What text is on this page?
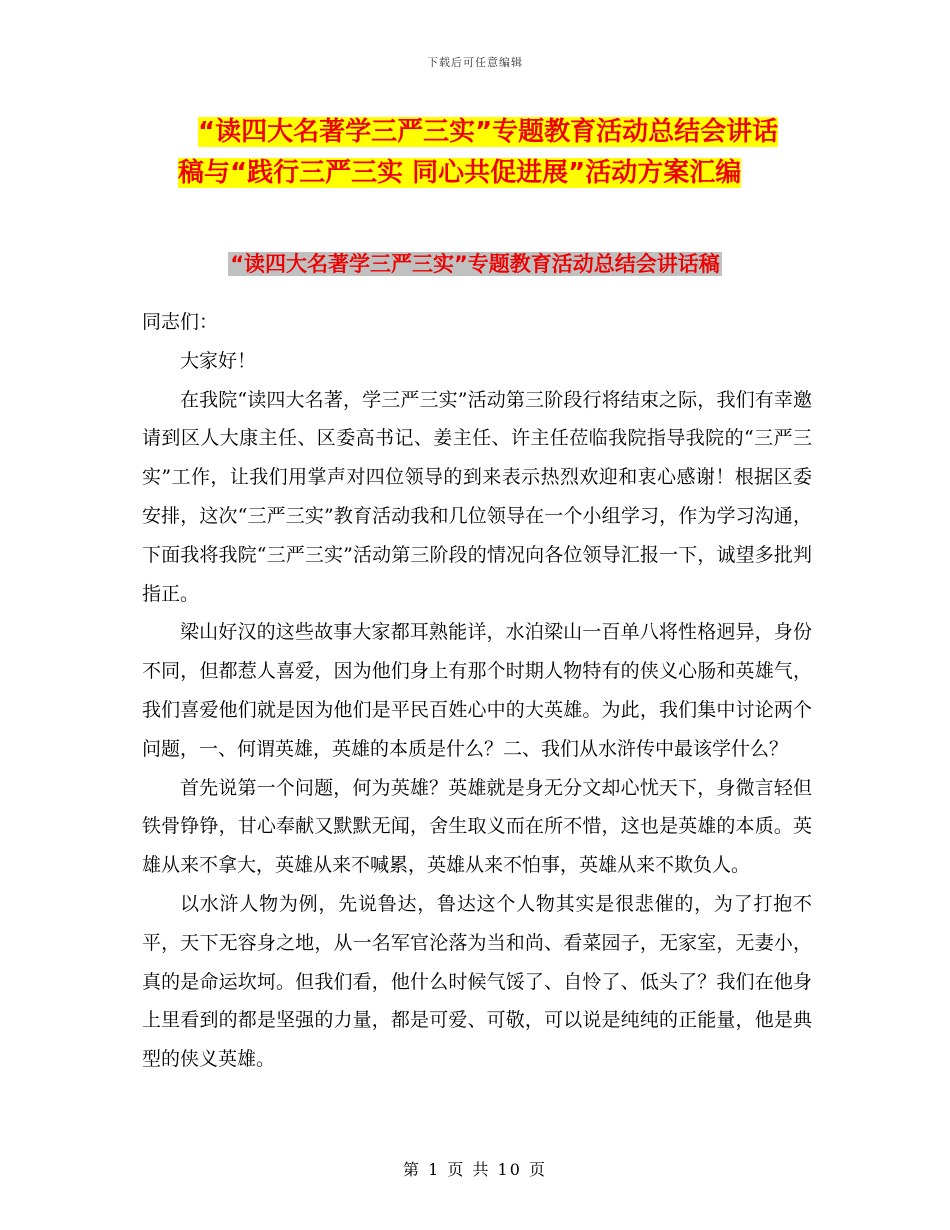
下载后可任意编辑
“读四大名著学三严三实”专题教育活动总结会讲话
稿与“践行三严三实 同心共促进展”活动方案汇编
“读四大名著学三严三实”专题教育活动总结会讲话稿

同志们：

大家好！

在我院“读四大名著，学三严三实”活动第三阶段行将结束之际，我们有幸邀请到区人大康主任、区委高书记、姜主任、许主任莅临我院指导我院的“三严三实”工作，让我们用掌声对四位领导的到来表示热烈欢迎和衷心感谢！根据区委安排，这次“三严三实”教育活动我和几位领导在一个小组学习，作为学习沟通，下面我将我院“三严三实”活动第三阶段的情况向各位领导汇报一下，诚望多批判指正。

梁山好汉的这些故事大家都耳熟能详，水泊梁山一百单八将性格迥异，身份不同，但都惹人喜爱，因为他们身上有那个时期人物特有的侠义心肠和英雄气，我们喜爱他们就是因为他们是平民百姓心中的大英雄。为此，我们集中讨论两个问题，一、何谓英雄，英雄的本质是什么？二、我们从水浒传中最该学什么？

首先说第一个问题，何为英雄？英雄就是身无分文却心忧天下，身微言轻但铁骨铮铮，甘心奉献又默默无闻，舍生取义而在所不惜，这也是英雄的本质。英雄从来不拿大，英雄从来不喊累，英雄从来不怕事，英雄从来不欺负人。

以水浒人物为例，先说鲁达，鲁达这个人物其实是很悲催的，为了打抱不平，天下无容身之地，从一名军官沦落为当和尚、看菜园子，无家室，无妻小，真的是命运坎坷。但我们看，他什么时候气馁了、自怜了、低头了？我们在他身上里看到的都是坚强的力量，都是可爱、可敬，可以说是纯纯的正能量，他是典型的侠义英雄。

第 1 页 共 10 页
